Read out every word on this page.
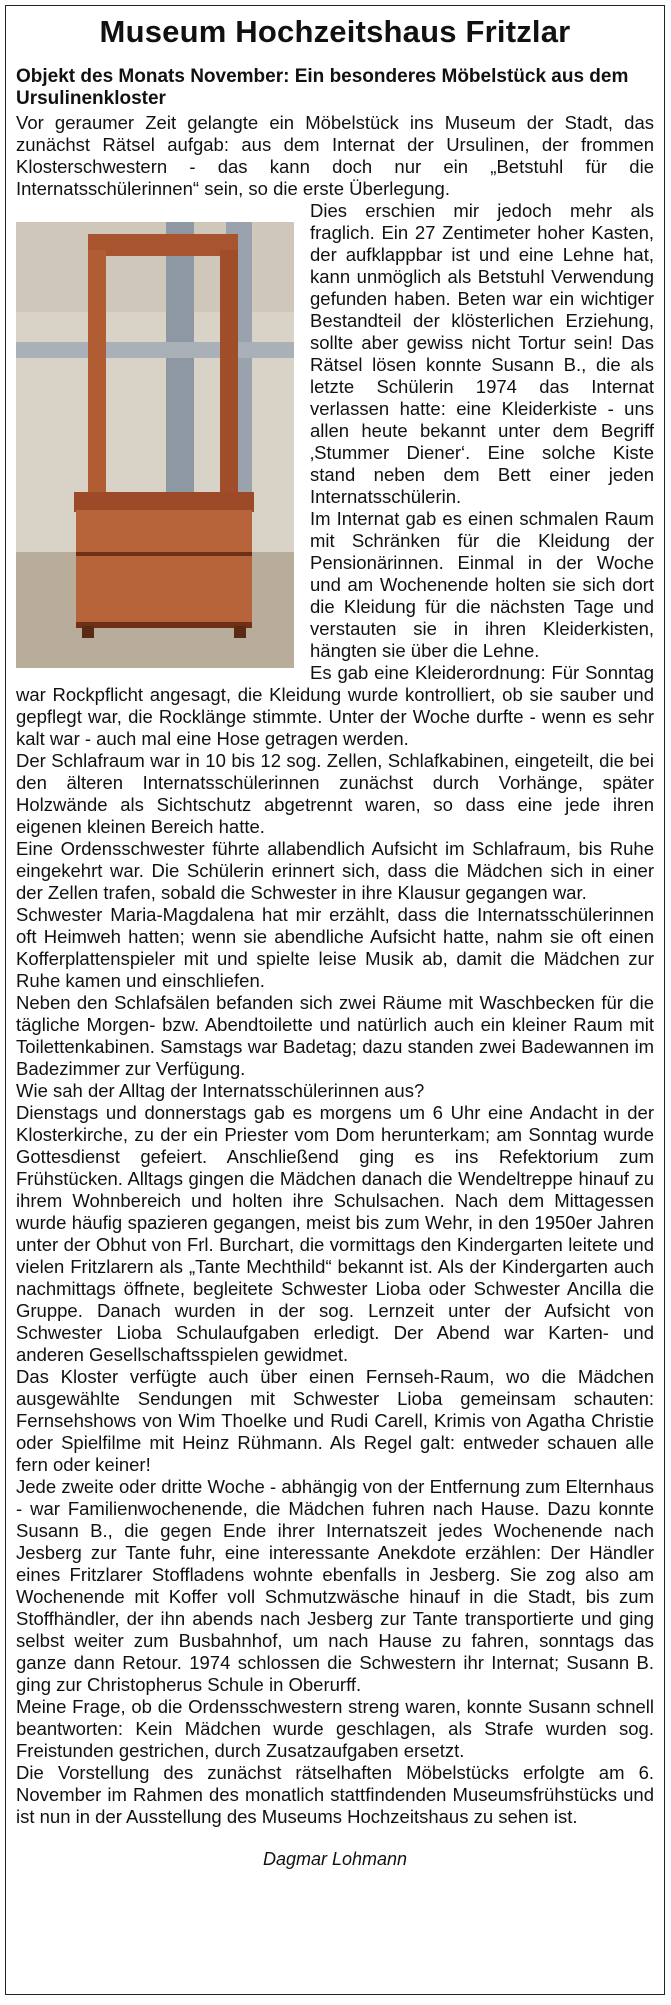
Museum Hochzeitshaus Fritzlar
Objekt des Monats November: Ein besonderes Möbelstück aus dem Ursulinenkloster

Vor geraumer Zeit gelangte ein Möbelstück ins Museum der Stadt, das zunächst Rätsel aufgab: aus dem Internat der Ursulinen, der frommen Klosterschwestern - das kann doch nur ein „Betstuhl für die Internatsschülerinnen“ sein, so die erste Überlegung.

Dies erschien mir jedoch mehr als fraglich. Ein 27 Zentimeter hoher Kasten, der aufklappbar ist und eine Lehne hat, kann unmöglich als Betstuhl Verwendung gefunden haben. Beten war ein wichtiger Bestandteil der klösterlichen Erziehung, sollte aber gewiss nicht Tortur sein! Das Rätsel lösen konnte Susann B., die als letzte Schülerin 1974 das Internat verlassen hatte: eine Kleiderkiste - uns allen heute bekannt unter dem Begriff ‚Stummer Diener‘. Eine solche Kiste stand neben dem Bett einer jeden Internatsschülerin.

Im Internat gab es einen schmalen Raum mit Schränken für die Kleidung der Pensionärinnen. Einmal in der Woche und am Wochenende holten sie sich dort die Kleidung für die nächsten Tage und verstauten sie in ihren Kleiderkisten, hängten sie über die Lehne.

Es gab eine Kleiderordnung: Für Sonntag war Rockpflicht angesagt, die Kleidung wurde kontrolliert, ob sie sauber und gepflegt war, die Rocklänge stimmte. Unter der Woche durfte - wenn es sehr kalt war - auch mal eine Hose getragen werden.

Der Schlafraum war in 10 bis 12 sog. Zellen, Schlafkabinen, eingeteilt, die bei den älteren Internatsschülerinnen zunächst durch Vorhänge, später Holzwände als Sichtschutz abgetrennt waren, so dass eine jede ihren eigenen kleinen Bereich hatte.

Eine Ordensschwester führte allabendlich Aufsicht im Schlafraum, bis Ruhe eingekehrt war. Die Schülerin erinnert sich, dass die Mädchen sich in einer der Zellen trafen, sobald die Schwester in ihre Klausur gegangen war.

Schwester Maria-Magdalena hat mir erzählt, dass die Internatsschülerinnen oft Heimweh hatten; wenn sie abendliche Aufsicht hatte, nahm sie oft einen Kofferplattenspieler mit und spielte leise Musik ab, damit die Mädchen zur Ruhe kamen und einschliefen.

Neben den Schlafsälen befanden sich zwei Räume mit Waschbecken für die tägliche Morgen- bzw. Abendtoilette und natürlich auch ein kleiner Raum mit Toilettenkabinen. Samstags war Badetag; dazu standen zwei Badewannen im Badezimmer zur Verfügung.

Wie sah der Alltag der Internatsschülerinnen aus?

Dienstags und donnerstags gab es morgens um 6 Uhr eine Andacht in der Klosterkirche, zu der ein Priester vom Dom herunterkam; am Sonntag wurde Gottesdienst gefeiert. Anschließend ging es ins Refektorium zum Frühstücken. Alltags gingen die Mädchen danach die Wendeltreppe hinauf zu ihrem Wohnbereich und holten ihre Schulsachen. Nach dem Mittagessen wurde häufig spazieren gegangen, meist bis zum Wehr, in den 1950er Jahren unter der Obhut von Frl. Burchart, die vormittags den Kindergarten leitete und vielen Fritzlarern als „Tante Mechthild“ bekannt ist. Als der Kindergarten auch nachmittags öffnete, begleitete Schwester Lioba oder Schwester Ancilla die Gruppe. Danach wurden in der sog. Lernzeit unter der Aufsicht von Schwester Lioba Schulaufgaben erledigt. Der Abend war Karten- und anderen Gesellschaftsspielen gewidmet.

Das Kloster verfügte auch über einen Fernseh-Raum, wo die Mädchen ausgewählte Sendungen mit Schwester Lioba gemeinsam schauten: Fernsehshows von Wim Thoelke und Rudi Carell, Krimis von Agatha Christie oder Spielfilme mit Heinz Rühmann. Als Regel galt: entweder schauen alle fern oder keiner!

Jede zweite oder dritte Woche - abhängig von der Entfernung zum Elternhaus - war Familienwochenende, die Mädchen fuhren nach Hause. Dazu konnte Susann B., die gegen Ende ihrer Internatszeit jedes Wochenende nach Jesberg zur Tante fuhr, eine interessante Anekdote erzählen: Der Händler eines Fritzlarer Stoffladens wohnte ebenfalls in Jesberg. Sie zog also am Wochenende mit Koffer voll Schmutzwäsche hinauf in die Stadt, bis zum Stoffhändler, der ihn abends nach Jesberg zur Tante transportierte und ging selbst weiter zum Busbahnhof, um nach Hause zu fahren, sonntags das ganze dann Retour. 1974 schlossen die Schwestern ihr Internat; Susann B. ging zur Christopherus Schule in Oberurff.

Meine Frage, ob die Ordensschwestern streng waren, konnte Susann schnell beantworten: Kein Mädchen wurde geschlagen, als Strafe wurden sog. Freistunden gestrichen, durch Zusatzaufgaben ersetzt.

Die Vorstellung des zunächst rätselhaften Möbelstücks erfolgte am 6. November im Rahmen des monatlich stattfindenden Museumsfrühstücks und ist nun in der Ausstellung des Museums Hochzeitshaus zu sehen ist.

Dagmar Lohmann
